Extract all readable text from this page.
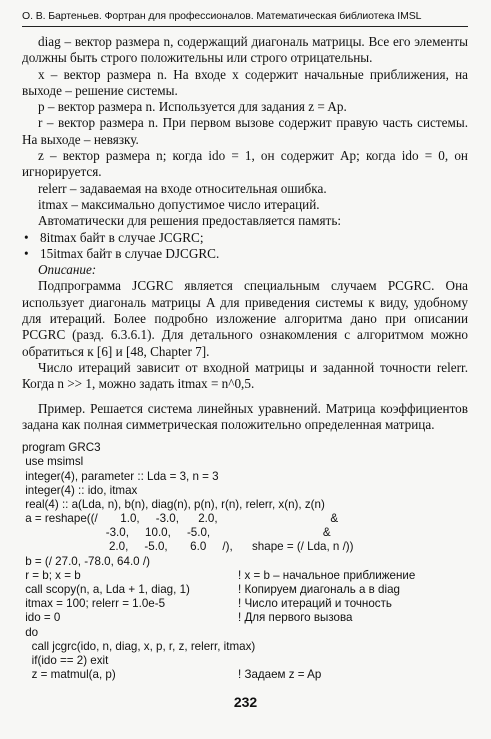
О. В. Бартеньев. Фортран для профессионалов. Математическая библиотека IMSL

diag – вектор размера n, содержащий диагональ матрицы. Все его элементы должны быть строго положительны или строго отрицательны.

x – вектор размера n. На входе x содержит начальные приближения, на выходе – решение системы.

p – вектор размера n. Используется для задания z = Ap.

r – вектор размера n. При первом вызове содержит правую часть системы. На выходе – невязку.

z – вектор размера n; когда ido = 1, он содержит Ap; когда ido = 0, он игнорируется.

relerr – задаваемая на входе относительная ошибка.

itmax – максимально допустимое число итераций.

Автоматически для решения предоставляется память:

• 8itmax байт в случае JCGRC;
• 15itmax байт в случае DJCGRC.

Описание:

Подпрограмма JCGRC является специальным случаем PCGRC. Она использует диагональ матрицы A для приведения системы к виду, удобному для итераций. Более подробно изложение алгоритма дано при описании PCGRC (разд. 6.3.6.1). Для детального ознакомления с алгоритмом можно обратиться к [6] и [48, Chapter 7].

Число итераций зависит от входной матрицы и заданной точности relerr. Когда n >> 1, можно задать itmax = n^0,5.

Пример. Решается система линейных уравнений. Матрица коэффициентов задана как полная симметрическая положительно определенная матрица.

program GRC3
use msimsl
integer(4), parameter :: Lda = 3, n = 3
integer(4) :: ido, itmax
real(4) :: a(Lda, n), b(n), diag(n), p(n), r(n), relerr, x(n), z(n)
a = reshape((/       1.0,     -3.0,      2.0,                                   &
-3.0,     10.0,     -5.0,                                   &
2.0,     -5.0,       6.0     /),      shape = (/ Lda, n /))
b = (/ 27.0, -78.0, 64.0 /)
r = b; x = b	! x = b – начальное приближение
call scopy(n, a, Lda + 1, diag, 1)	! Копируем диагональ a в diag
itmax = 100; relerr = 1.0e-5	! Число итераций и точность
ido = 0	! Для первого вызова
do
call jcgrc(ido, n, diag, x, p, r, z, relerr, itmax)
if(ido == 2) exit
z = matmul(a, p)	! Задаем z = Ap
232
